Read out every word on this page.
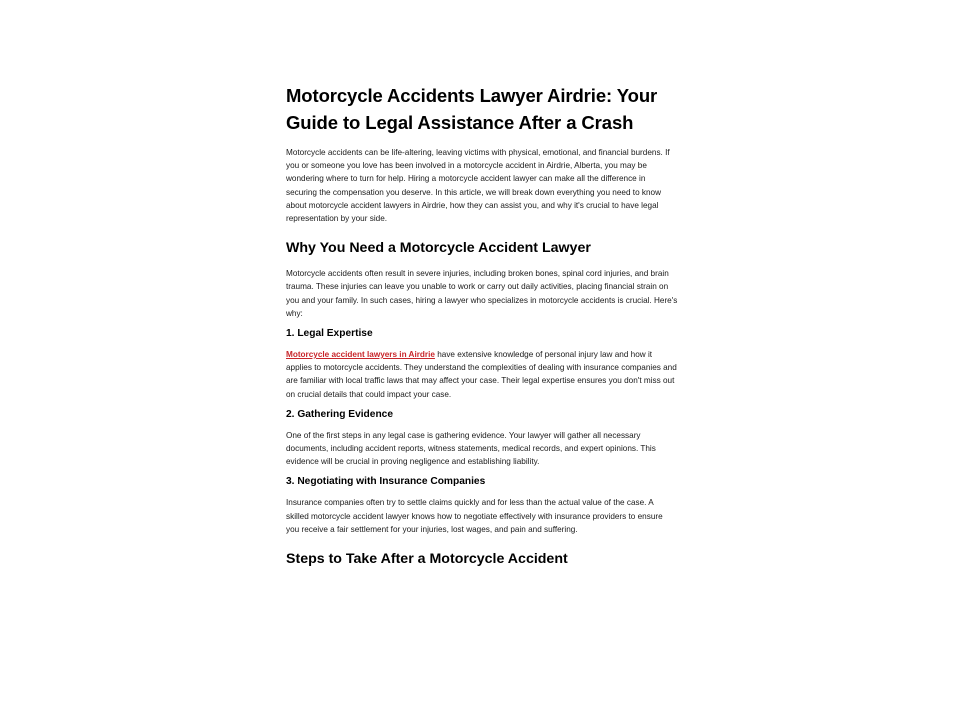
Motorcycle Accidents Lawyer Airdrie: Your Guide to Legal Assistance After a Crash

Motorcycle accidents can be life-altering, leaving victims with physical, emotional, and financial burdens. If you or someone you love has been involved in a motorcycle accident in Airdrie, Alberta, you may be wondering where to turn for help. Hiring a motorcycle accident lawyer can make all the difference in securing the compensation you deserve. In this article, we will break down everything you need to know about motorcycle accident lawyers in Airdrie, how they can assist you, and why it's crucial to have legal representation by your side.

Why You Need a Motorcycle Accident Lawyer

Motorcycle accidents often result in severe injuries, including broken bones, spinal cord injuries, and brain trauma. These injuries can leave you unable to work or carry out daily activities, placing financial strain on you and your family. In such cases, hiring a lawyer who specializes in motorcycle accidents is crucial. Here's why:

1. Legal Expertise

Motorcycle accident lawyers in Airdrie have extensive knowledge of personal injury law and how it applies to motorcycle accidents. They understand the complexities of dealing with insurance companies and are familiar with local traffic laws that may affect your case. Their legal expertise ensures you don't miss out on crucial details that could impact your case.

2. Gathering Evidence

One of the first steps in any legal case is gathering evidence. Your lawyer will gather all necessary documents, including accident reports, witness statements, medical records, and expert opinions. This evidence will be crucial in proving negligence and establishing liability.

3. Negotiating with Insurance Companies

Insurance companies often try to settle claims quickly and for less than the actual value of the case. A skilled motorcycle accident lawyer knows how to negotiate effectively with insurance providers to ensure you receive a fair settlement for your injuries, lost wages, and pain and suffering.

Steps to Take After a Motorcycle Accident
